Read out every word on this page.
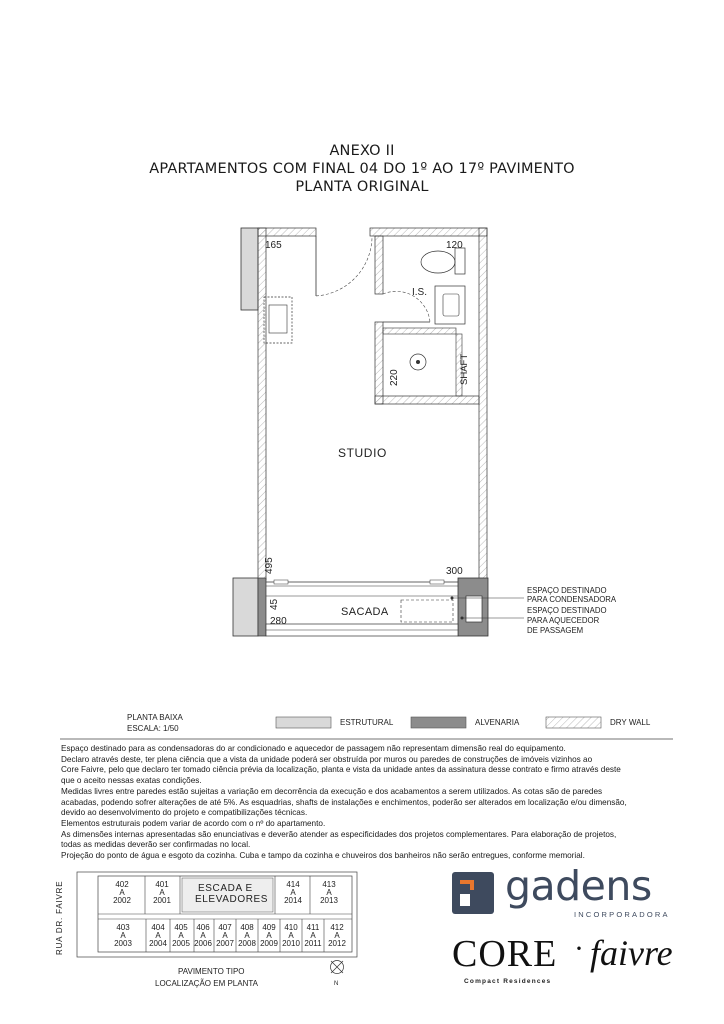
ANEXO II
APARTAMENTOS COM FINAL 04 DO 1º AO 17º PAVIMENTO
PLANTA ORIGINAL
165	120
220
495	300
45
280
STUDIO
I.S.
SHAFT
SACADA
ESPAÇO DESTINADO
PARA CONDENSADORA
ESPAÇO DESTINADO
PARA AQUECEDOR
DE PASSAGEM
PLANTA BAIXA
ESCALA: 1/50
ESTRUTURAL	ALVENARIA	DRY WALL
RUA DR. FAIVRE	ESCADA E
ELEVADORES
402
A
2002
401
A
2001
414
A
2014
413
A
2013
403
A
2003
404
A
2004
405
A
2005
406
A
2006
407
A
2007
408
A
2008
409
A
2009
410
A
2010
411
A
2011
412
A
2012
PAVIMENTO TIPO
LOCALIZAÇÃO EM PLANTA	N
Espaço destinado para as condensadoras do ar condicionado e aquecedor de passagem não representam dimensão real do equipamento.
Declaro através deste, ter plena ciência que a vista da unidade poderá ser obstruída por muros ou paredes de construções de imóveis vizinhos ao
Core Faivre, pelo que declaro ter tomado ciência prévia da localização, planta e vista da unidade antes da assinatura desse contrato e firmo através deste
que o aceito nessas exatas condições.
Medidas livres entre paredes estão sujeitas a variação em decorrência da execução e dos acabamentos a serem utilizados. As cotas são de paredes
acabadas, podendo sofrer alterações de até 5%. As esquadrias, shafts de instalações e enchimentos, poderão ser alterados em localização e/ou dimensão,
devido ao desenvolvimento do projeto e compatibilizações técnicas.
Elementos estruturais podem variar de acordo com o nº do apartamento.
As dimensões internas apresentadas são enunciativas e deverão atender as especificidades dos projetos complementares. Para elaboração de projetos,
todas as medidas deverão ser confirmadas no local.
Projeção do ponto de água e esgoto da cozinha. Cuba e tampo da cozinha e chuveiros dos banheiros não serão entregues, conforme memorial.
gadens
INCORPORADORA
CORE · faivre
Compact Residences
